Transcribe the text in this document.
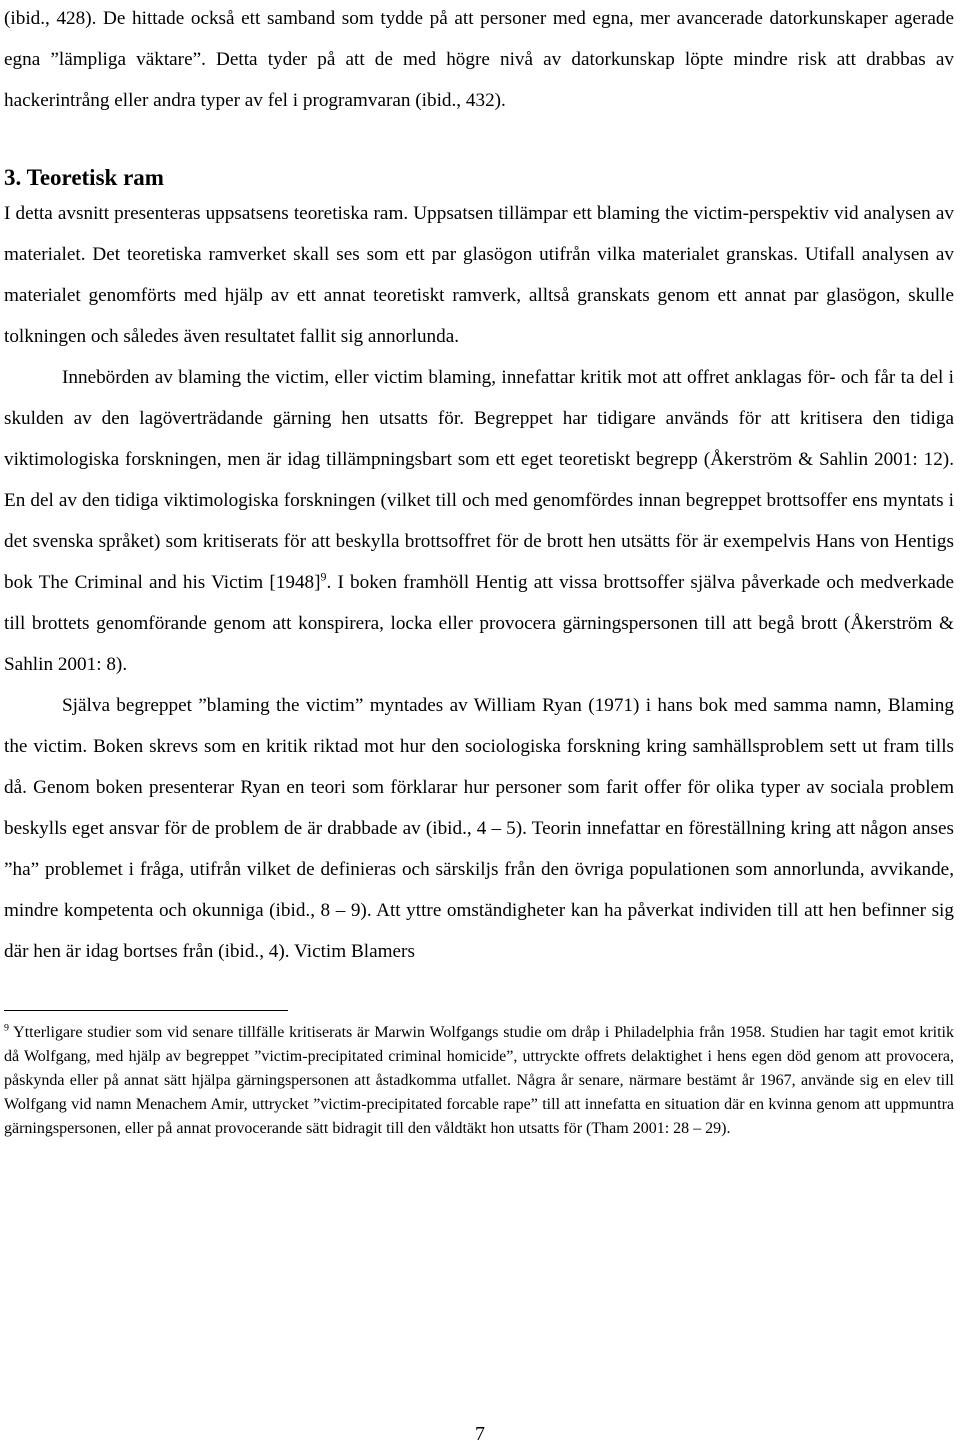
(ibid., 428). De hittade också ett samband som tydde på att personer med egna, mer avancerade datorkunskaper agerade egna ”lämpliga väktare”. Detta tyder på att de med högre nivå av datorkunskap löpte mindre risk att drabbas av hackerintrång eller andra typer av fel i programvaran (ibid., 432).

3. Teoretisk ram

I detta avsnitt presenteras uppsatsens teoretiska ram. Uppsatsen tillämpar ett blaming the victim-perspektiv vid analysen av materialet. Det teoretiska ramverket skall ses som ett par glasögon utifrån vilka materialet granskas. Utifall analysen av materialet genomförts med hjälp av ett annat teoretiskt ramverk, alltså granskats genom ett annat par glasögon, skulle tolkningen och således även resultatet fallit sig annorlunda.

Innebörden av blaming the victim, eller victim blaming, innefattar kritik mot att offret anklagas för- och får ta del i skulden av den lagöverträdande gärning hen utsatts för. Begreppet har tidigare används för att kritisera den tidiga viktimologiska forskningen, men är idag tillämpningsbart som ett eget teoretiskt begrepp (Åkerström & Sahlin 2001: 12). En del av den tidiga viktimologiska forskningen (vilket till och med genomfördes innan begreppet brottsoffer ens myntats i det svenska språket) som kritiserats för att beskylla brottsoffret för de brott hen utsätts för är exempelvis Hans von Hentigs bok The Criminal and his Victim $[1948]^9$. I boken framhöll Hentig att vissa brottsoffer själva påverkade och medverkade till brottets genomförande genom att konspirera, locka eller provocera gärningspersonen till att begå brott (Åkerström & Sahlin 2001: 8).

Själva begreppet ”blaming the victim” myntades av William Ryan (1971) i hans bok med samma namn, Blaming the victim. Boken skrevs som en kritik riktad mot hur den sociologiska forskning kring samhällsproblem sett ut fram tills då. Genom boken presenterar Ryan en teori som förklarar hur personer som farit offer för olika typer av sociala problem beskylls eget ansvar för de problem de är drabbade av (ibid., 4 – 5). Teorin innefattar en föreställning kring att någon anses ”ha” problemet i fråga, utifrån vilket de definieras och särskiljs från den övriga populationen som annorlunda, avvikande, mindre kompetenta och okunniga (ibid., 8 – 9). Att yttre omständigheter kan ha påverkat individen till att hen befinner sig där hen är idag bortses från (ibid., 4). Victim Blamers

$^9$ Ytterligare studier som vid senare tillfälle kritiserats är Marwin Wolfgangs studie om dråp i Philadelphia från 1958. Studien har tagit emot kritik då Wolfgang, med hjälp av begreppet ”victim-precipitated criminal homicide”, uttryckte offrets delaktighet i hens egen död genom att provocera, påskynda eller på annat sätt hjälpa gärningspersonen att åstadkomma utfallet. Några år senare, närmare bestämt år 1967, använde sig en elev till Wolfgang vid namn Menachem Amir, uttrycket ”victim-precipitated forcable rape” till att innefatta en situation där en kvinna genom att uppmuntra gärningspersonen, eller på annat provocerande sätt bidragit till den våldtäkt hon utsatts för (Tham 2001: 28 – 29).

7
